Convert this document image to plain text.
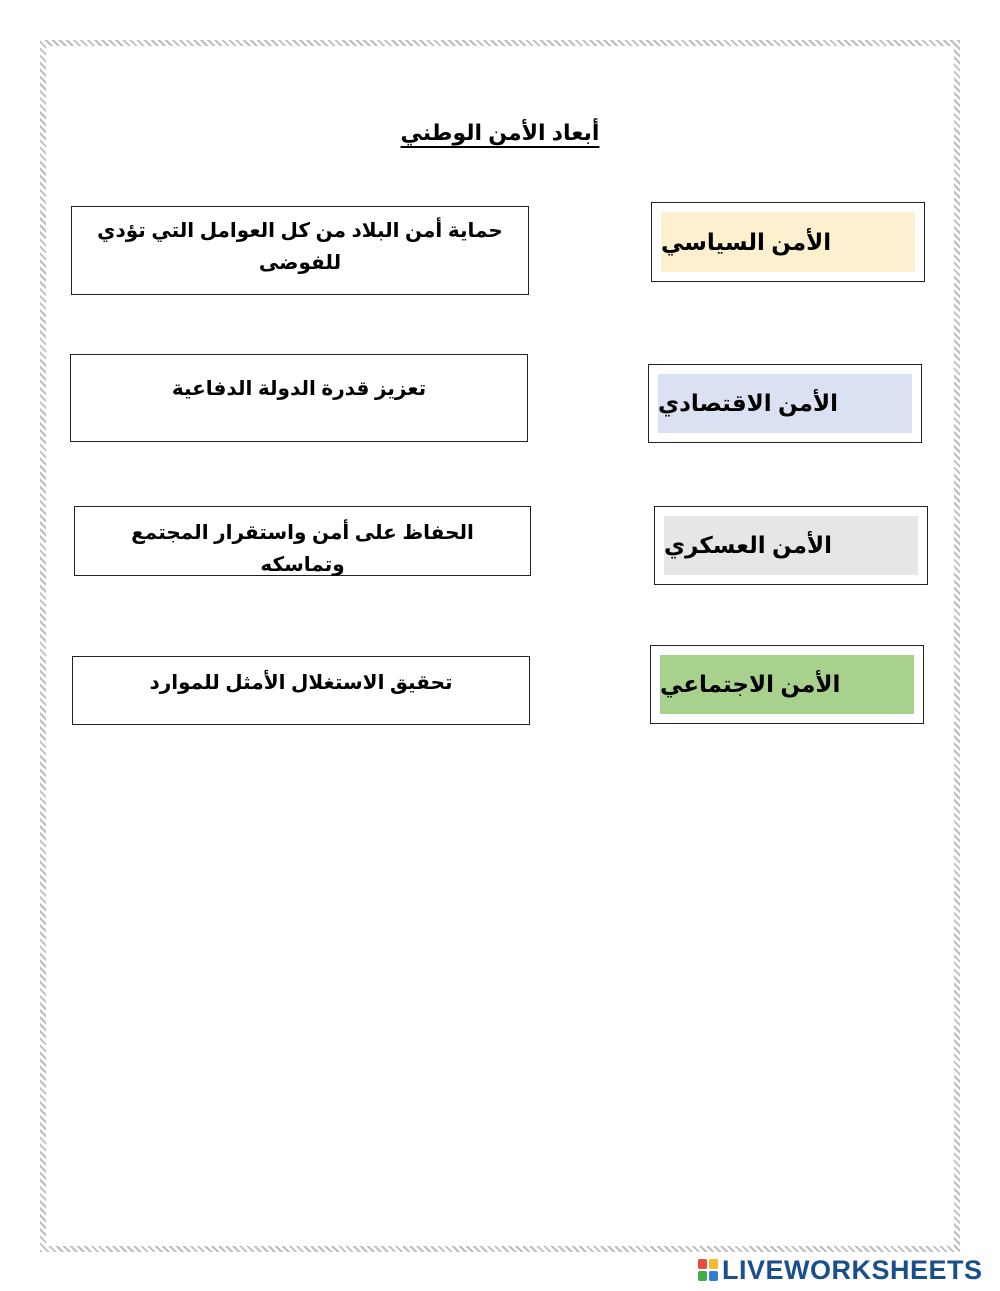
أبعاد الأمن الوطني
حماية أمن البلاد من كل العوامل التي تؤدي للفوضى
تعزيز قدرة الدولة الدفاعية
الحفاظ على أمن واستقرار المجتمع وتماسكه
تحقيق الاستغلال الأمثل للموارد
الأمن السياسي
الأمن الاقتصادي
الأمن العسكري
الأمن الاجتماعي
LIVEWORKSHEETS
